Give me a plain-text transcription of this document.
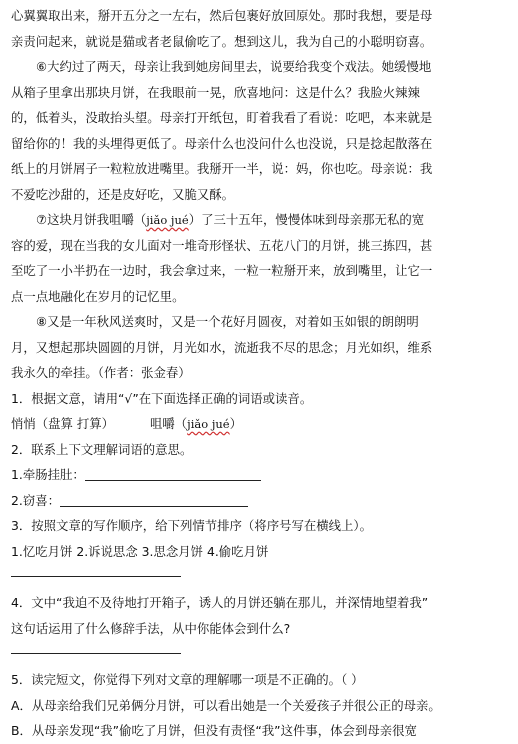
心翼翼取出来，掰开五分之一左右，然后包裹好放回原处。那时我想，要是母
亲责问起来，就说是猫或者老鼠偷吃了。想到这儿，我为自己的小聪明窃喜。
⑥大约过了两天，母亲让我到她房间里去，说要给我变个戏法。她缓慢地
从箱子里拿出那块月饼，在我眼前一晃，欣喜地问：这是什么？我脸火辣辣
的，低着头，没敢抬头望。母亲打开纸包，盯着我看了看说：吃吧，本来就是
留给你的！我的头埋得更低了。母亲什么也没问什么也没说，只是捻起散落在
纸上的月饼屑子一粒粒放进嘴里。我掰开一半，说：妈，你也吃。母亲说：我
不爱吃沙甜的，还是皮好吃，又脆又酥。
⑦这块月饼我咀嚼（jiǎo jué）了三十五年，慢慢体味到母亲那无私的宽
容的爱，现在当我的女儿面对一堆奇形怪状、五花八门的月饼，挑三拣四，甚
至吃了一小半扔在一边时，我会拿过来，一粒一粒掰开来，放到嘴里，让它一
点一点地融化在岁月的记忆里。
⑧又是一年秋风送爽时，又是一个花好月圆夜，对着如玉如银的朗朗明
月，又想起那块圆圆的月饼，月光如水，流逝我不尽的思念；月光如织，维系
我永久的牵挂。（作者：张金春）
1．根据文意，请用“√”在下面选择正确的词语或读音。
悄悄（盘算 打算）	咀嚼（jiǎo jué）
2．联系上下文理解词语的意思。
1.牵肠挂肚：
2.窃喜：
3．按照文章的写作顺序，给下列情节排序（将序号写在横线上）。
1.忆吃月饼 2.诉说思念 3.思念月饼 4.偷吃月饼
4．文中“我迫不及待地打开箱子，诱人的月饼还躺在那儿，并深情地望着我”
这句话运用了什么修辞手法，从中你能体会到什么?
5．读完短文，你觉得下列对文章的理解哪一项是不正确的。（ ）
A．从母亲给我们兄弟俩分月饼，可以看出她是一个关爱孩子并很公正的母亲。
B．从母亲发现“我”偷吃了月饼，但没有责怪“我”这件事，体会到母亲很宽
